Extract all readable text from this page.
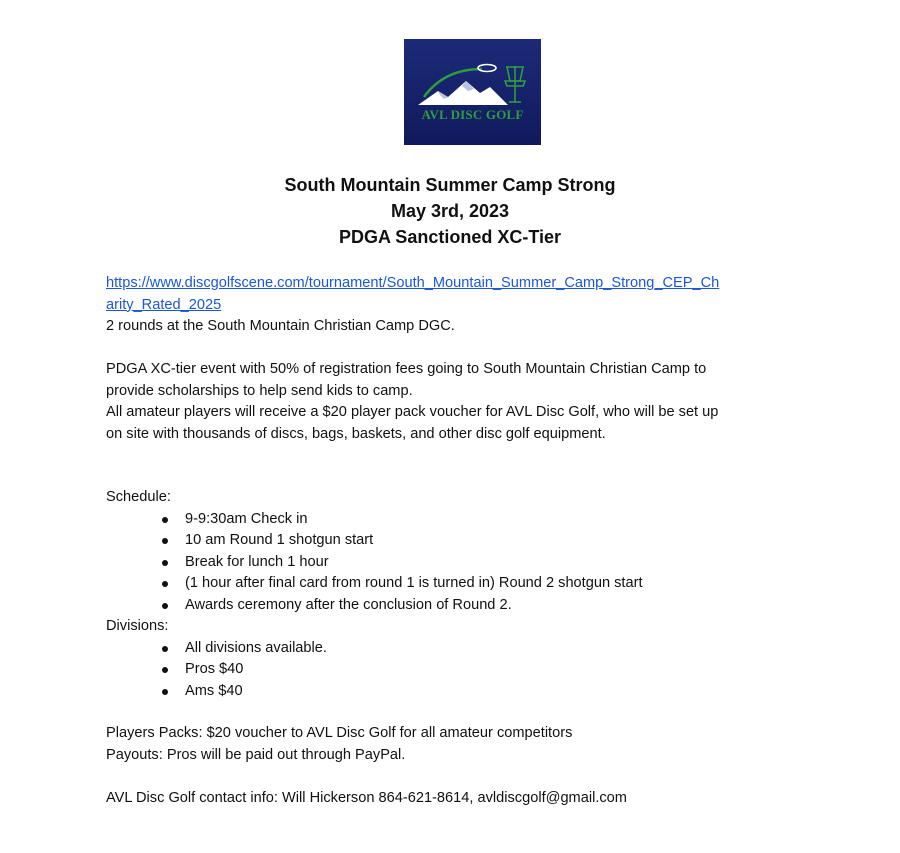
AVL DISC GOLF
South Mountain Summer Camp Strong
May 3rd, 2023
PDGA Sanctioned XC-Tier
https://www.discgolfscene.com/tournament/South_Mountain_Summer_Camp_Strong_CEP_Ch
arity_Rated_2025
2 rounds at the South Mountain Christian Camp DGC.
PDGA XC-tier event with 50% of registration fees going to South Mountain Christian Camp to
provide scholarships to help send kids to camp.
All amateur players will receive a $20 player pack voucher for AVL Disc Golf, who will be set up
on site with thousands of discs, bags, baskets, and other disc golf equipment.
Schedule:
9-9:30am Check in
10 am Round 1 shotgun start
Break for lunch 1 hour
(1 hour after final card from round 1 is turned in) Round 2 shotgun start
Awards ceremony after the conclusion of Round 2.
Divisions:
All divisions available.
Pros $40
Ams $40
Players Packs: $20 voucher to AVL Disc Golf for all amateur competitors
Payouts: Pros will be paid out through PayPal.
AVL Disc Golf contact info: Will Hickerson 864-621-8614, avldiscgolf@gmail.com
